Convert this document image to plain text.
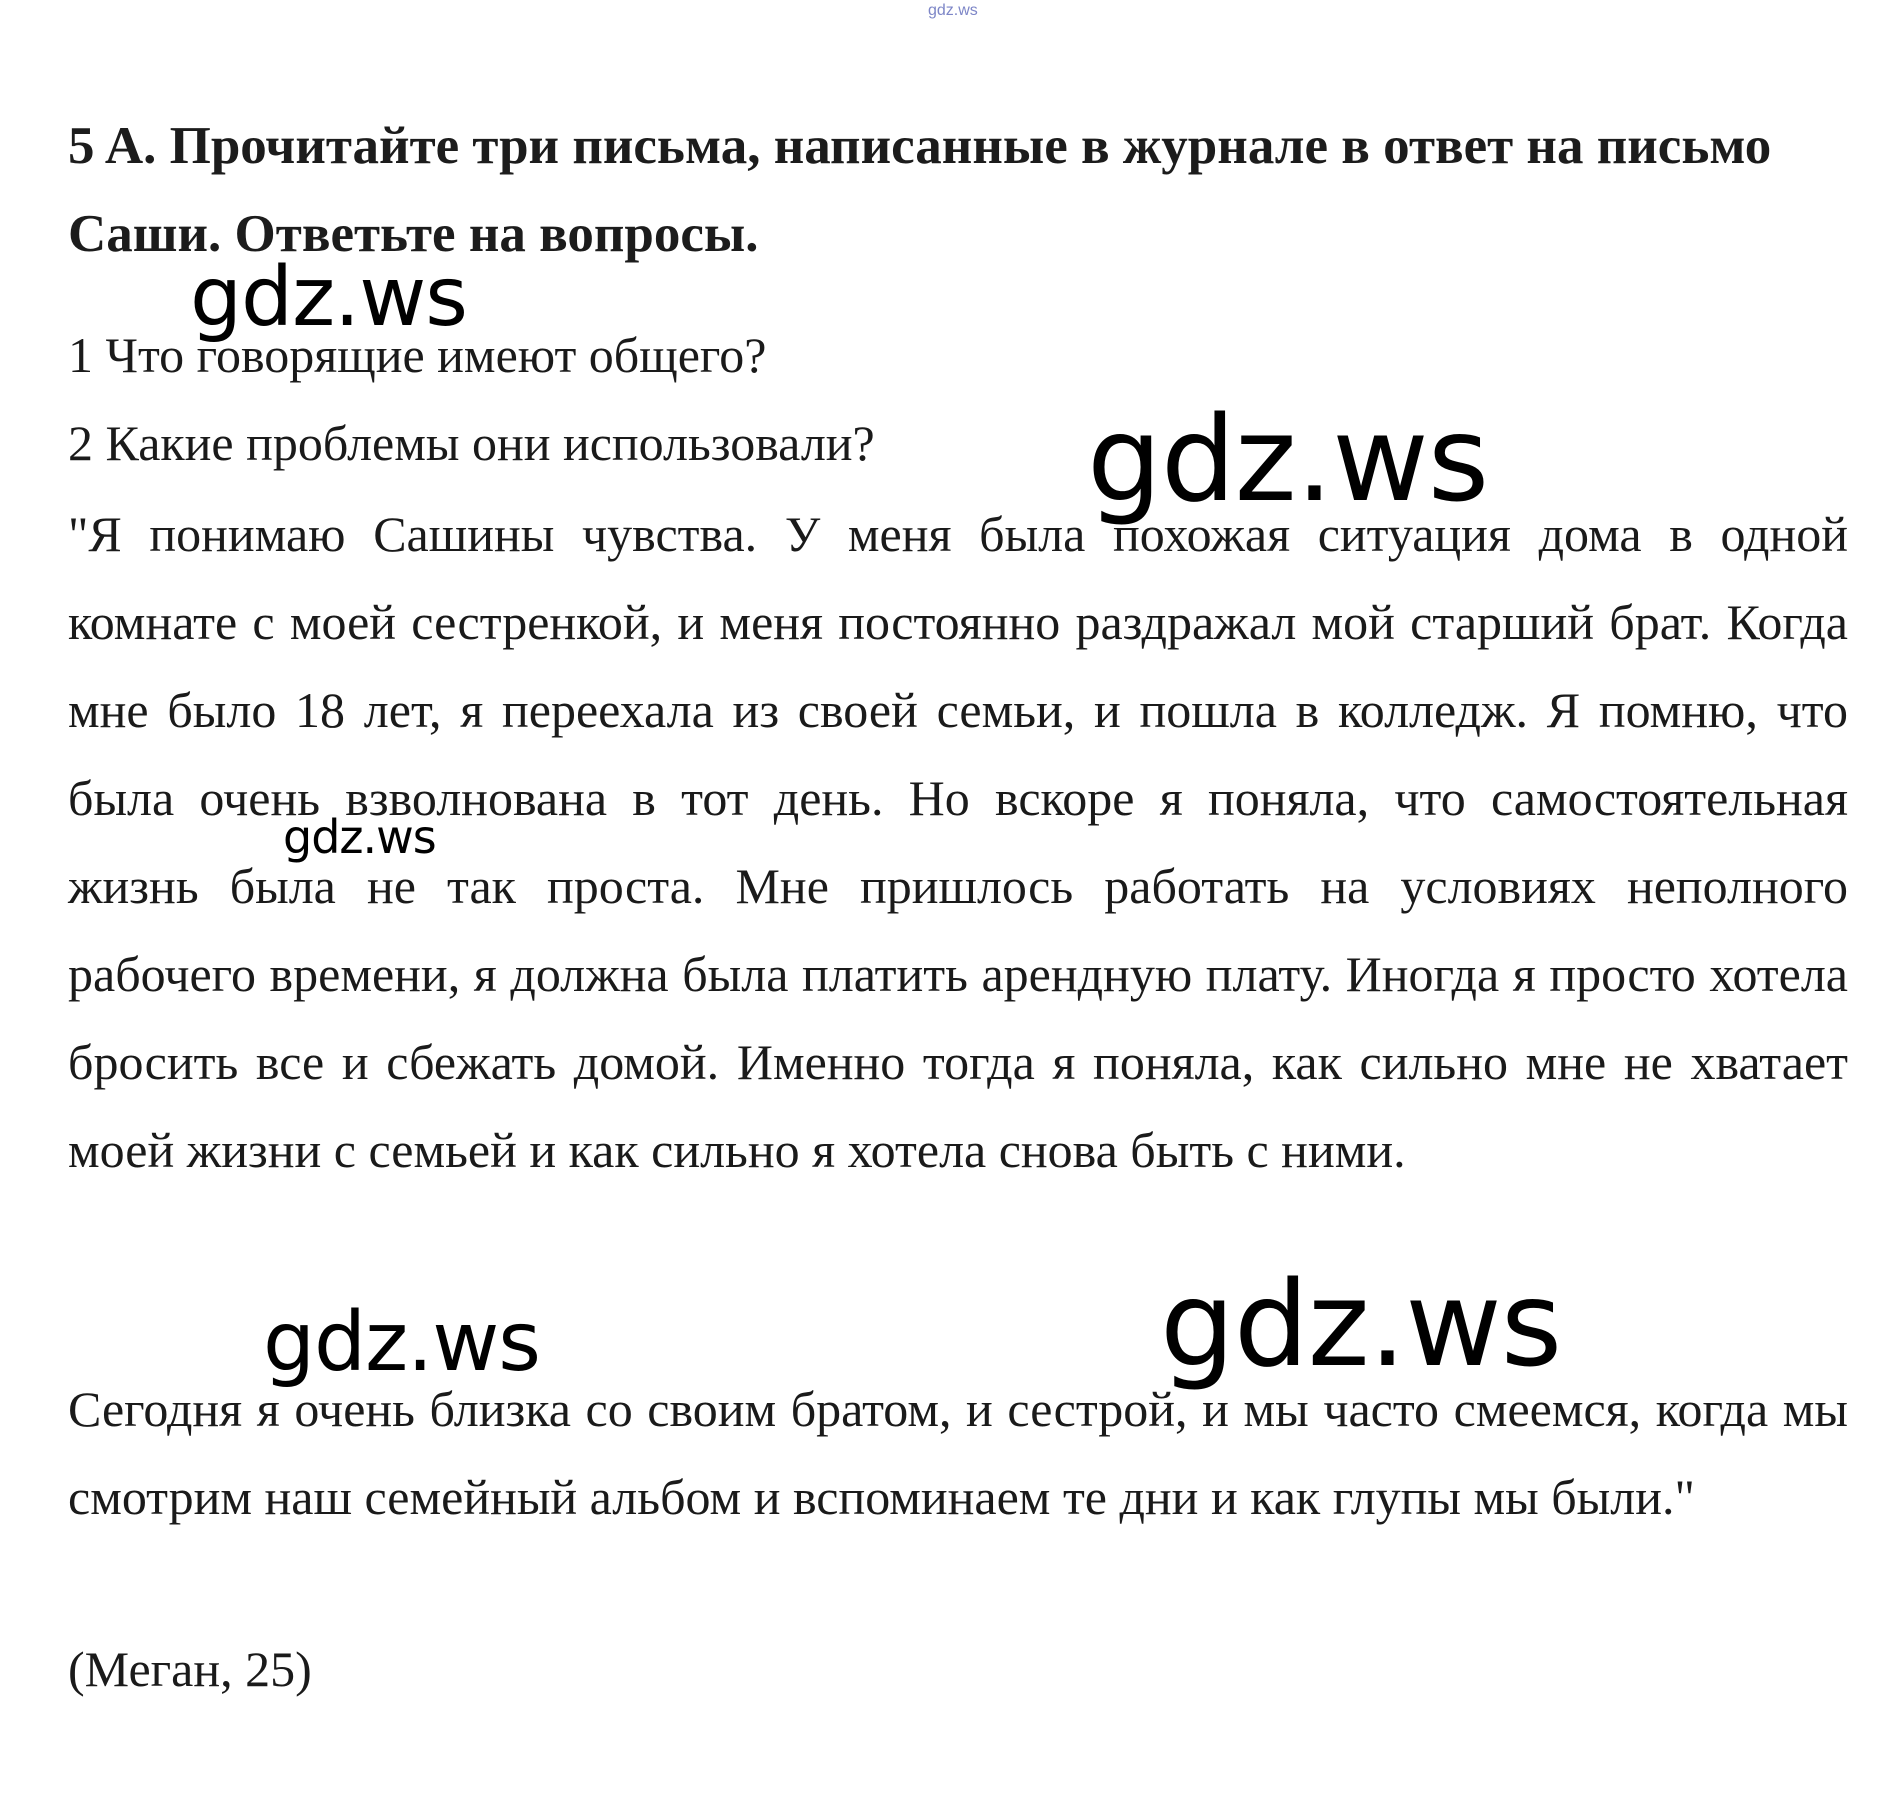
gdz.ws

5 A. Прочитайте три письма, написанные в журнале в ответ на письмо Саши. Ответьте на вопросы.

1 Что говорящие имеют общего?

2 Какие проблемы они использовали?

"Я понимаю Сашины чувства. У меня была похожая ситуация дома в одной комнате с моей сестренкой, и меня постоянно раздражал мой старший брат. Когда мне было 18 лет, я переехала из своей семьи, и пошла в колледж. Я помню, что была очень взволнована в тот день. Но вскоре я поняла, что самостоятельная жизнь была не так проста. Мне пришлось работать на условиях неполного рабочего времени, я должна была платить арендную плату. Иногда я просто хотела бросить все и сбежать домой. Именно тогда я поняла, как сильно мне не хватает моей жизни с семьей и как сильно я хотела снова быть с ними.

Сегодня я очень близка со своим братом, и сестрой, и мы часто смеемся, когда мы смотрим наш семейный альбом и вспоминаем те дни и как глупы мы были."

(Меган, 25)

gdz.ws
gdz.ws
gdz.ws
gdz.ws	gdz.ws
